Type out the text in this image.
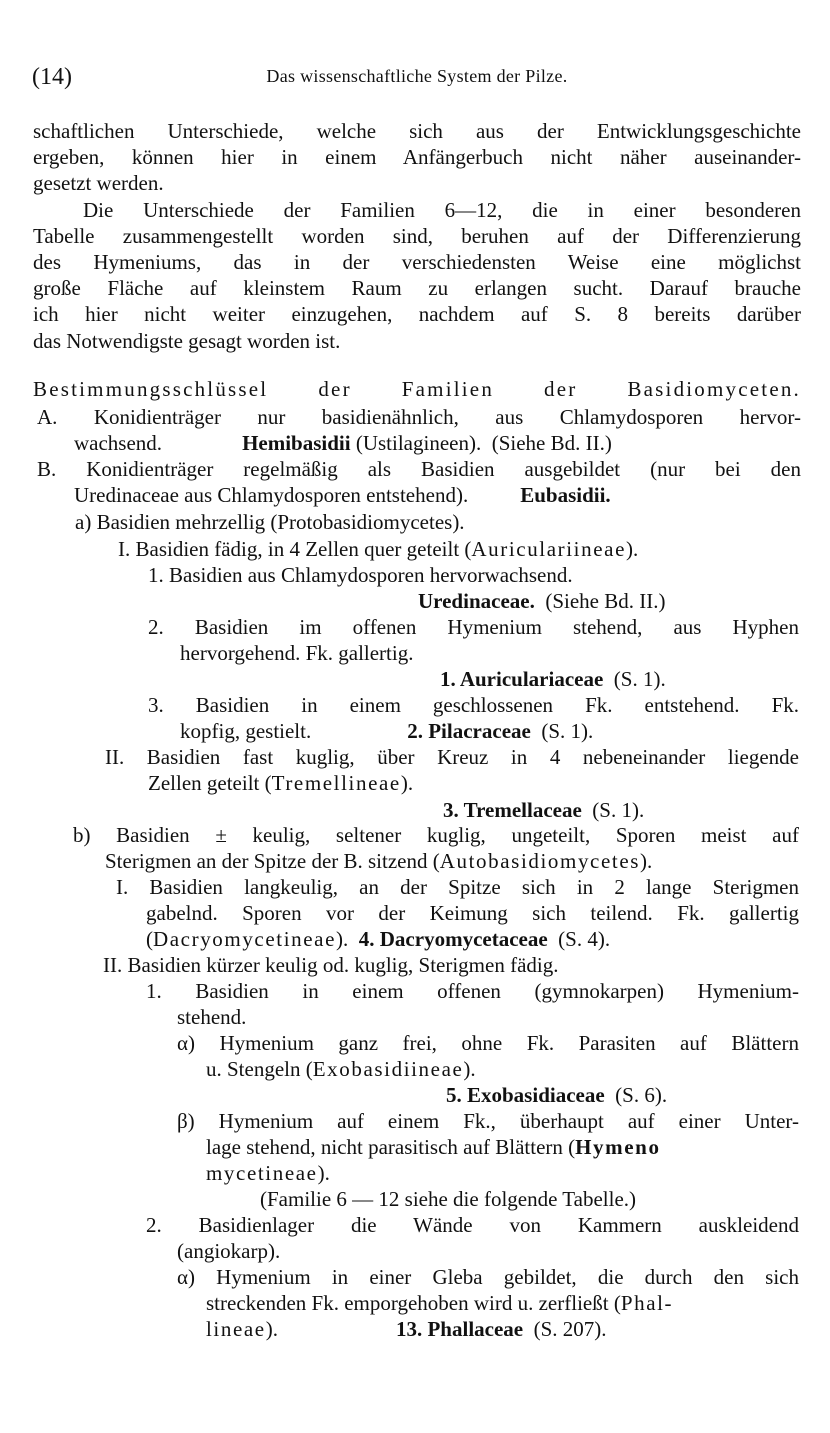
(14)	Das wissenschaftliche System der Pilze.
schaftlichen Unterschiede, welche sich aus der Entwicklungsgeschichte
ergeben, können hier in einem Anfängerbuch nicht näher auseinander-
gesetzt werden.
Die Unterschiede der Familien 6—12, die in einer besonderen
Tabelle zusammengestellt worden sind, beruhen auf der Differenzierung
des Hymeniums, das in der verschiedensten Weise eine möglichst
große Fläche auf kleinstem Raum zu erlangen sucht. Darauf brauche
ich hier nicht weiter einzugehen, nachdem auf S. 8 bereits darüber
das Notwendigste gesagt worden ist.
Bestimmungsschlüssel der Familien der Basidiomyceten.
A. Konidienträger nur basidienähnlich, aus Chlamydosporen hervor-
wachsend.	Hemibasidii (Ustilagineen).  (Siehe Bd. II.)
B. Konidienträger regelmäßig als Basidien ausgebildet (nur bei den
Uredinaceae aus Chlamydosporen entstehend). Eubasidii.
a) Basidien mehrzellig (Protobasidiomycetes).
I. Basidien fädig, in 4 Zellen quer geteilt (Auriculariineae).
1. Basidien aus Chlamydosporen hervorwachsend.
Uredinaceae. (Siehe Bd. II.)
2. Basidien im offenen Hymenium stehend, aus Hyphen
hervorgehend. Fk. gallertig.
1. Auriculariaceae (S. 1).
3. Basidien in einem geschlossenen Fk. entstehend. Fk.
kopfig, gestielt.	2. Pilacraceae (S. 1).
II. Basidien fast kuglig, über Kreuz in 4 nebeneinander liegende
Zellen geteilt (Tremellineae).
3. Tremellaceae (S. 1).
b) Basidien ± keulig, seltener kuglig, ungeteilt, Sporen meist auf
Sterigmen an der Spitze der B. sitzend (Autobasidiomycetes).
I. Basidien langkeulig, an der Spitze sich in 2 lange Sterigmen
gabelnd. Sporen vor der Keimung sich teilend. Fk. gallertig
(Dacryomycetineae). 4. Dacryomycetaceae (S. 4).
II. Basidien kürzer keulig od. kuglig, Sterigmen fädig.
1. Basidien in einem offenen (gymnokarpen) Hymenium-
stehend.
α) Hymenium ganz frei, ohne Fk. Parasiten auf Blättern
u. Stengeln (Exobasidiineae).
5. Exobasidiaceae (S. 6).
β) Hymenium auf einem Fk., überhaupt auf einer Unter-
lage stehend, nicht parasitisch auf Blättern (Hymeno
mycetineae).
(Familie 6 — 12 siehe die folgende Tabelle.)
2. Basidienlager die Wände von Kammern auskleidend
(angiokarp).
α) Hymenium in einer Gleba gebildet, die durch den sich
streckenden Fk. emporgehoben wird u. zerfließt (Phal-
lineae).	13. Phallaceae (S. 207).
